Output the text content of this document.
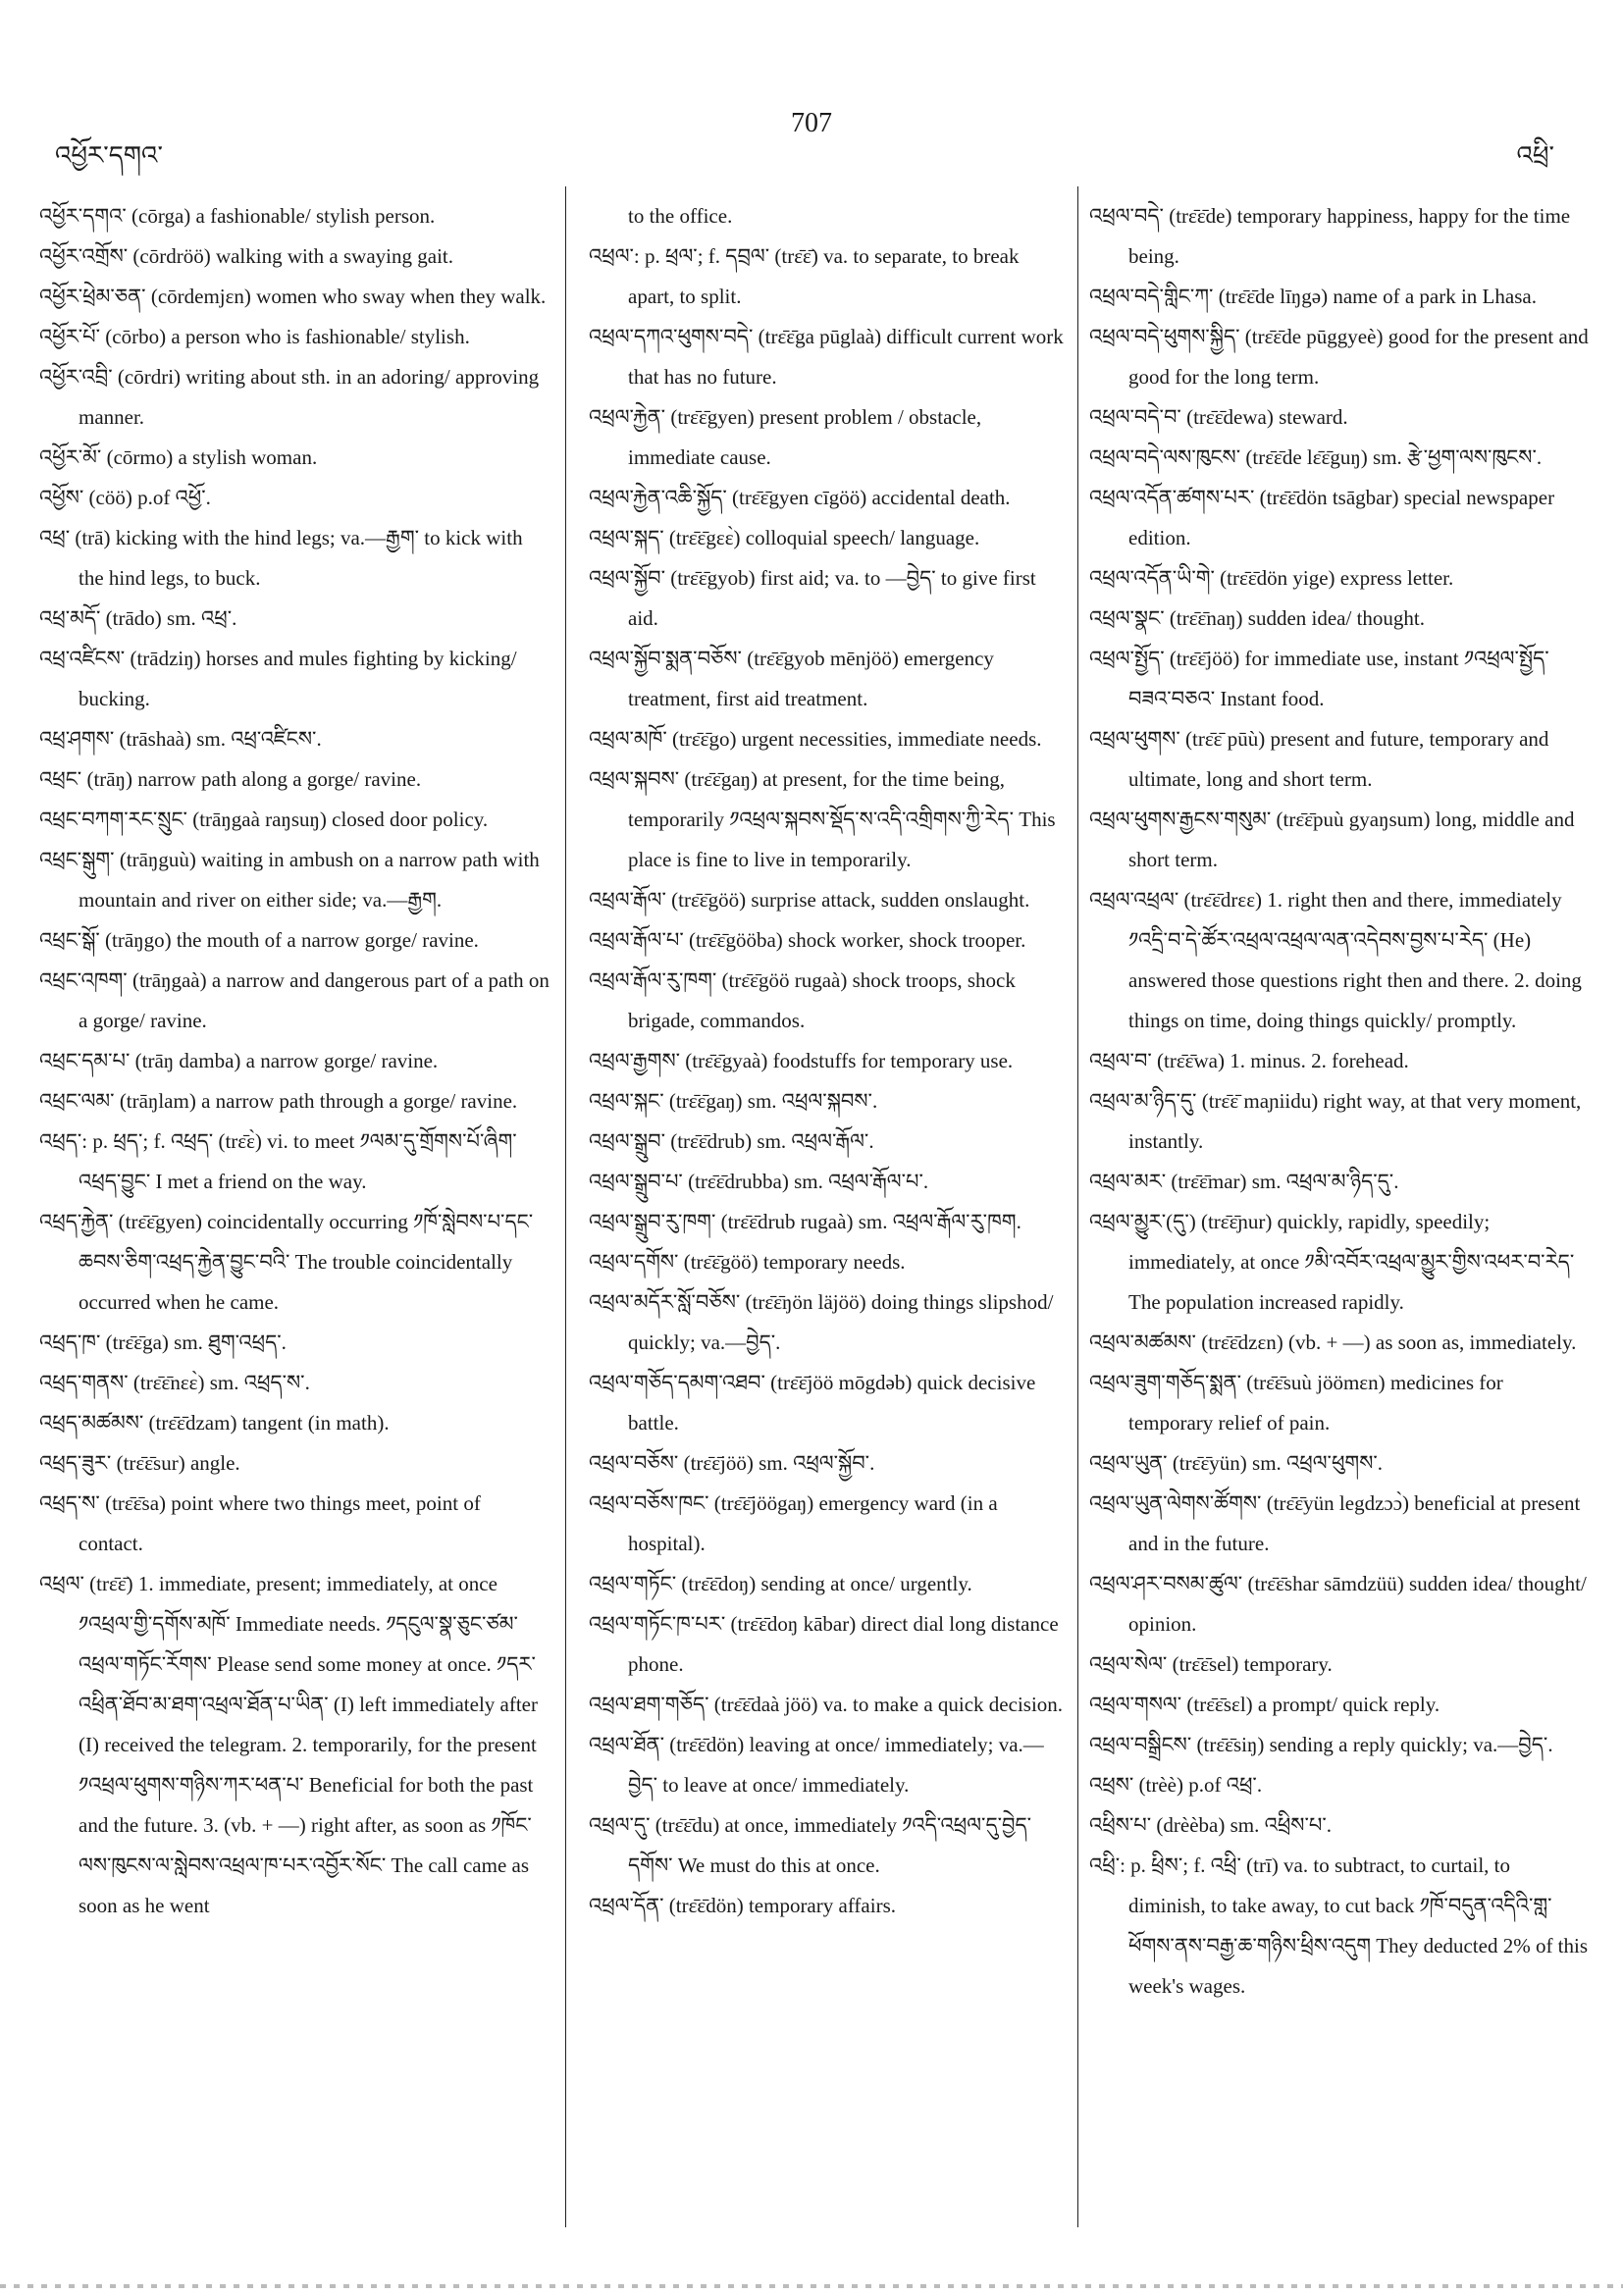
འཕྱོར་དགའ་
707
འཕྲི་

འཕྱོར་དགའ་ (cōrga) a fashionable/ stylish person.

འཕྱོར་འགྲོས་ (cōrdröö) walking with a swaying gait.

འཕྱོར་ཕྲེམ་ཅན་ (cōrdemjɛn) women who sway when they walk.

འཕྱོར་པོ་ (cōrbo) a person who is fashionable/ stylish.

འཕྱོར་འབྲི་ (cōrdri) writing about sth. in an adoring/ approving manner.

འཕྱོར་མོ་ (cōrmo) a stylish woman.

འཕྱོས་ (cöö) p.of འཕྱོ་.

འཕྲ་ (trā) kicking with the hind legs; va.—རྒྱག་ to kick with the hind legs, to buck.

འཕྲ་མདོ་ (trādo) sm. འཕྲ་.

འཕྲ་འཛིངས་ (trādziŋ) horses and mules fighting by kicking/ bucking.

འཕྲ་ཤགས་ (trāshaà) sm. འཕྲ་འཛིངས་.

འཕྲང་ (trāŋ) narrow path along a gorge/ ravine.

འཕྲང་བཀག་རང་སྲུང་ (trāŋgaà raŋsuŋ) closed door policy.

འཕྲང་སྒུག་ (trāŋguù) waiting in ambush on a narrow path with mountain and river on either side; va.—རྒྱག.

འཕྲང་སྒོ་ (trāŋgo) the mouth of a narrow gorge/ ravine.

འཕྲང་འཁག་ (trāŋgaà) a narrow and dangerous part of a path on a gorge/ ravine.

འཕྲང་དམ་པ་ (trāŋ damba) a narrow gorge/ ravine.

འཕྲང་ལམ་ (trāŋlam) a narrow path through a gorge/ ravine.

འཕྲད་: p. ཕྲད་; f. འཕྲད་ (trɛ̄ɛ̀) vi. to meet ༡ལམ་དུ་གྲོགས་པོ་ཞིག་འཕྲད་བྱུང་ I met a friend on the way.

འཕྲད་རྐྱེན་ (trɛ̄ɛ̄gyen) coincidentally occurring ༡ཁོ་སླེབས་པ་དང་ཆབས་ཅིག་འཕྲད་རྐྱེན་བྱུང་བའི་ The trouble coincidentally occurred when he came.

འཕྲད་ཁ་ (trɛ̄ɛ̄ga) sm. ཐུག་འཕྲད་.

འཕྲད་གནས་ (trɛ̄ɛ̄nɛɛ̀) sm. འཕྲད་ས་.

འཕྲད་མཚམས་ (trɛ̄ɛ̄dzam) tangent (in math).

འཕྲད་ཟུར་ (trɛ̄ɛ̄sur) angle.

འཕྲད་ས་ (trɛ̄ɛ̄sa) point where two things meet, point of contact.

འཕྲལ་ (trɛ̄ɛ̄) 1. immediate, present; immediately, at once ༡འཕྲལ་གྱི་དགོས་མཁོ་ Immediate needs. ༡དངུལ་སྣ་ཅུང་ཙམ་འཕྲལ་གཏོང་རོགས་ Please send some money at once. ༡དར་འཕྲིན་ཐོབ་མ་ཐག་འཕྲལ་ཐོན་པ་ཡིན་ (I) left immediately after (I) received the telegram. 2. temporarily, for the present ༡འཕྲལ་ཕུགས་གཉིས་ཀར་ཕན་པ་ Beneficial for both the past and the future. 3. (vb. + —) right after, as soon as ༡ཁོང་ལས་ཁུངས་ལ་སླེབས་འཕྲལ་ཁ་པར་འབྱོར་སོང་ The call came as soon as he went

to the office.

འཕྲལ་: p. ཕྲལ་; f. དབྲལ་ (trɛ̄ɛ̄) va. to separate, to break apart, to split.

འཕྲལ་དཀའ་ཕུགས་བདེ་ (trɛ̄ɛ̄ga pūglaà) difficult current work that has no future.

འཕྲལ་རྐྱེན་ (trɛ̄ɛ̄gyen) present problem / obstacle, immediate cause.

འཕྲལ་རྐྱེན་འཆི་སྐྱོད་ (trɛ̄ɛ̄gyen cīgöö) accidental death.

འཕྲལ་སྐད་ (trɛ̄ɛ̄gɛɛ̀) colloquial speech/ language.

འཕྲལ་སྐྱོབ་ (trɛ̄ɛ̄gyob) first aid; va. to —བྱེད་ to give first aid.

འཕྲལ་སྐྱོབ་སྨན་བཅོས་ (trɛ̄ɛ̄gyob mēnjöö) emergency treatment, first aid treatment.

འཕྲལ་མཁོ་ (trɛ̄ɛ̄go) urgent necessities, immediate needs.

འཕྲལ་སྐབས་ (trɛ̄ɛ̄gaŋ) at present, for the time being, temporarily ༡འཕྲལ་སྐབས་སྡོད་ས་འདི་འགྲིགས་ཀྱི་རེད་ This place is fine to live in temporarily.

འཕྲལ་རྒོལ་ (trɛ̄ɛ̄göö) surprise attack, sudden onslaught.

འཕྲལ་རྒོལ་པ་ (trɛ̄ɛ̄gööba) shock worker, shock trooper.

འཕྲལ་རྒོལ་རུ་ཁག་ (trɛ̄ɛ̄göö rugaà) shock troops, shock brigade, commandos.

འཕྲལ་རྒྱགས་ (trɛ̄ɛ̄gyaà) foodstuffs for temporary use.

འཕྲལ་སྐང་ (trɛ̄ɛ̄gaŋ) sm. འཕྲལ་སྐབས་.

འཕྲལ་སྒྲུབ་ (trɛ̄ɛ̄drub) sm. འཕྲལ་རྒོལ་.

འཕྲལ་སྒྲུབ་པ་ (trɛ̄ɛ̄drubba) sm. འཕྲལ་རྒོལ་པ་.

འཕྲལ་སྒྲུབ་རུ་ཁག་ (trɛ̄ɛ̄drub rugaà) sm. འཕྲལ་རྒོལ་རུ་ཁག.

འཕྲལ་དགོས་ (trɛ̄ɛ̄göö) temporary needs.

འཕྲལ་མདོར་སློ་བཅོས་ (trɛ̄ɛ̄ŋön läjöö) doing things slipshod/ quickly; va.—བྱེད་.

འཕྲལ་གཅོད་དམག་འཐབ་ (trɛ̄ɛ̄jöö mōgdəb) quick decisive battle.

འཕྲལ་བཅོས་ (trɛ̄ɛ̄jöö) sm. འཕྲལ་སྐྱོབ་.

འཕྲལ་བཅོས་ཁང་ (trɛ̄ɛ̄jöögaŋ) emergency ward (in a hospital).

འཕྲལ་གཏོང་ (trɛ̄ɛ̄doŋ) sending at once/ urgently.

འཕྲལ་གཏོང་ཁ་པར་ (trɛ̄ɛ̄doŋ kābar) direct dial long distance phone.

འཕྲལ་ཐག་གཅོད་ (trɛ̄ɛ̄daà jöö) va. to make a quick decision.

འཕྲལ་ཐོན་ (trɛ̄ɛ̄dön) leaving at once/ immediately; va.—བྱེད་ to leave at once/ immediately.

འཕྲལ་དུ་ (trɛ̄ɛ̄du) at once, immediately ༡འདི་འཕྲལ་དུ་བྱེད་དགོས་ We must do this at once.

འཕྲལ་དོན་ (trɛ̄ɛ̄dön) temporary affairs.

འཕྲལ་བདེ་ (trɛ̄ɛ̄de) temporary happiness, happy for the time being.

འཕྲལ་བདེ་གླིང་ཀ་ (trɛ̄ɛ̄de līŋgə) name of a park in Lhasa.

འཕྲལ་བདེ་ཕུགས་སྐྱིད་ (trɛ̄ɛ̄de pūggyeè) good for the present and good for the long term.

འཕྲལ་བདེ་བ་ (trɛ̄ɛ̄dewa) steward.

འཕྲལ་བདེ་ལས་ཁུངས་ (trɛ̄ɛ̄de lɛ̄ɛ̄guŋ) sm. རྩེ་ཕྱག་ལས་ཁུངས་.

འཕྲལ་འདོན་ཚགས་པར་ (trɛ̄ɛ̄dön tsāgbar) special newspaper edition.

འཕྲལ་འདོན་ཡི་གེ་ (trɛ̄ɛ̄dön yige) express letter.

འཕྲལ་སྣང་ (trɛ̄ɛ̄naŋ) sudden idea/ thought.

འཕྲལ་སྤྱོད་ (trɛ̄ɛ̄jöö) for immediate use, instant ༡འཕྲལ་སྤྱོད་བཟའ་བཅའ་ Instant food.

འཕྲལ་ཕུགས་ (trɛ̄ɛ̄ pūù) present and future, temporary and ultimate, long and short term.

འཕྲལ་ཕུགས་རྒྱངས་གསུམ་ (trɛ̄ɛ̄puù gyaŋsum) long, middle and short term.

འཕྲལ་འཕྲལ་ (trɛ̄ɛ̄drɛɛ) 1. right then and there, immediately ༡འདྲི་བ་དེ་ཚོར་འཕྲལ་འཕྲལ་ལན་འདེབས་བྱས་པ་རེད་ (He) answered those questions right then and there. 2. doing things on time, doing things quickly/ promptly.

འཕྲལ་བ་ (trɛ̄ɛ̄wa) 1. minus. 2. forehead.

འཕྲལ་མ་ཉིད་དུ་ (trɛ̄ɛ̄ maɲiidu) right way, at that very moment, instantly.

འཕྲལ་མར་ (trɛ̄ɛ̄mar) sm. འཕྲལ་མ་ཉིད་དུ་.

འཕྲལ་མྱུར་(དུ་) (trɛ̄ɛ̄ɲur) quickly, rapidly, speedily; immediately, at once ༡མི་འབོར་འཕྲལ་མྱུར་གྱིས་འཕར་བ་རེད་ The population increased rapidly.

འཕྲལ་མཚམས་ (trɛ̄ɛ̄dzɛn) (vb. + —) as soon as, immediately.

འཕྲལ་ཟུག་གཅོད་སྨན་ (trɛ̄ɛ̄suù jöömɛn) medicines for temporary relief of pain.

འཕྲལ་ཡུན་ (trɛ̄ɛ̄yün) sm. འཕྲལ་ཕུགས་.

འཕྲལ་ཡུན་ལེགས་ཚོགས་ (trɛ̄ɛ̄yün legdzɔɔ̀) beneficial at present and in the future.

འཕྲལ་ཤར་བསམ་ཚུལ་ (trɛ̄ɛ̄shar sāmdzüü) sudden idea/ thought/ opinion.

འཕྲལ་སེལ་ (trɛ̄ɛ̄sel) temporary.

འཕྲལ་གསལ་ (trɛ̄ɛ̄sɛl) a prompt/ quick reply.

འཕྲལ་བསྒྲིངས་ (trɛ̄ɛ̄siŋ) sending a reply quickly; va.—བྱེད་.

འཕྲས་ (trèè) p.of འཕྲ་.

འཕྲིས་པ་ (drèèba) sm. འཕྲིས་པ་.

འཕྲི་: p. ཕྲིས་; f. འཕྲི་ (trī) va. to subtract, to curtail, to diminish, to take away, to cut back ༡ཁོ་བདུན་འདིའི་གླ་ཕོགས་ནས་བརྒྱ་ཆ་གཉིས་ཕྲིས་འདུག They deducted 2% of this week's wages.
